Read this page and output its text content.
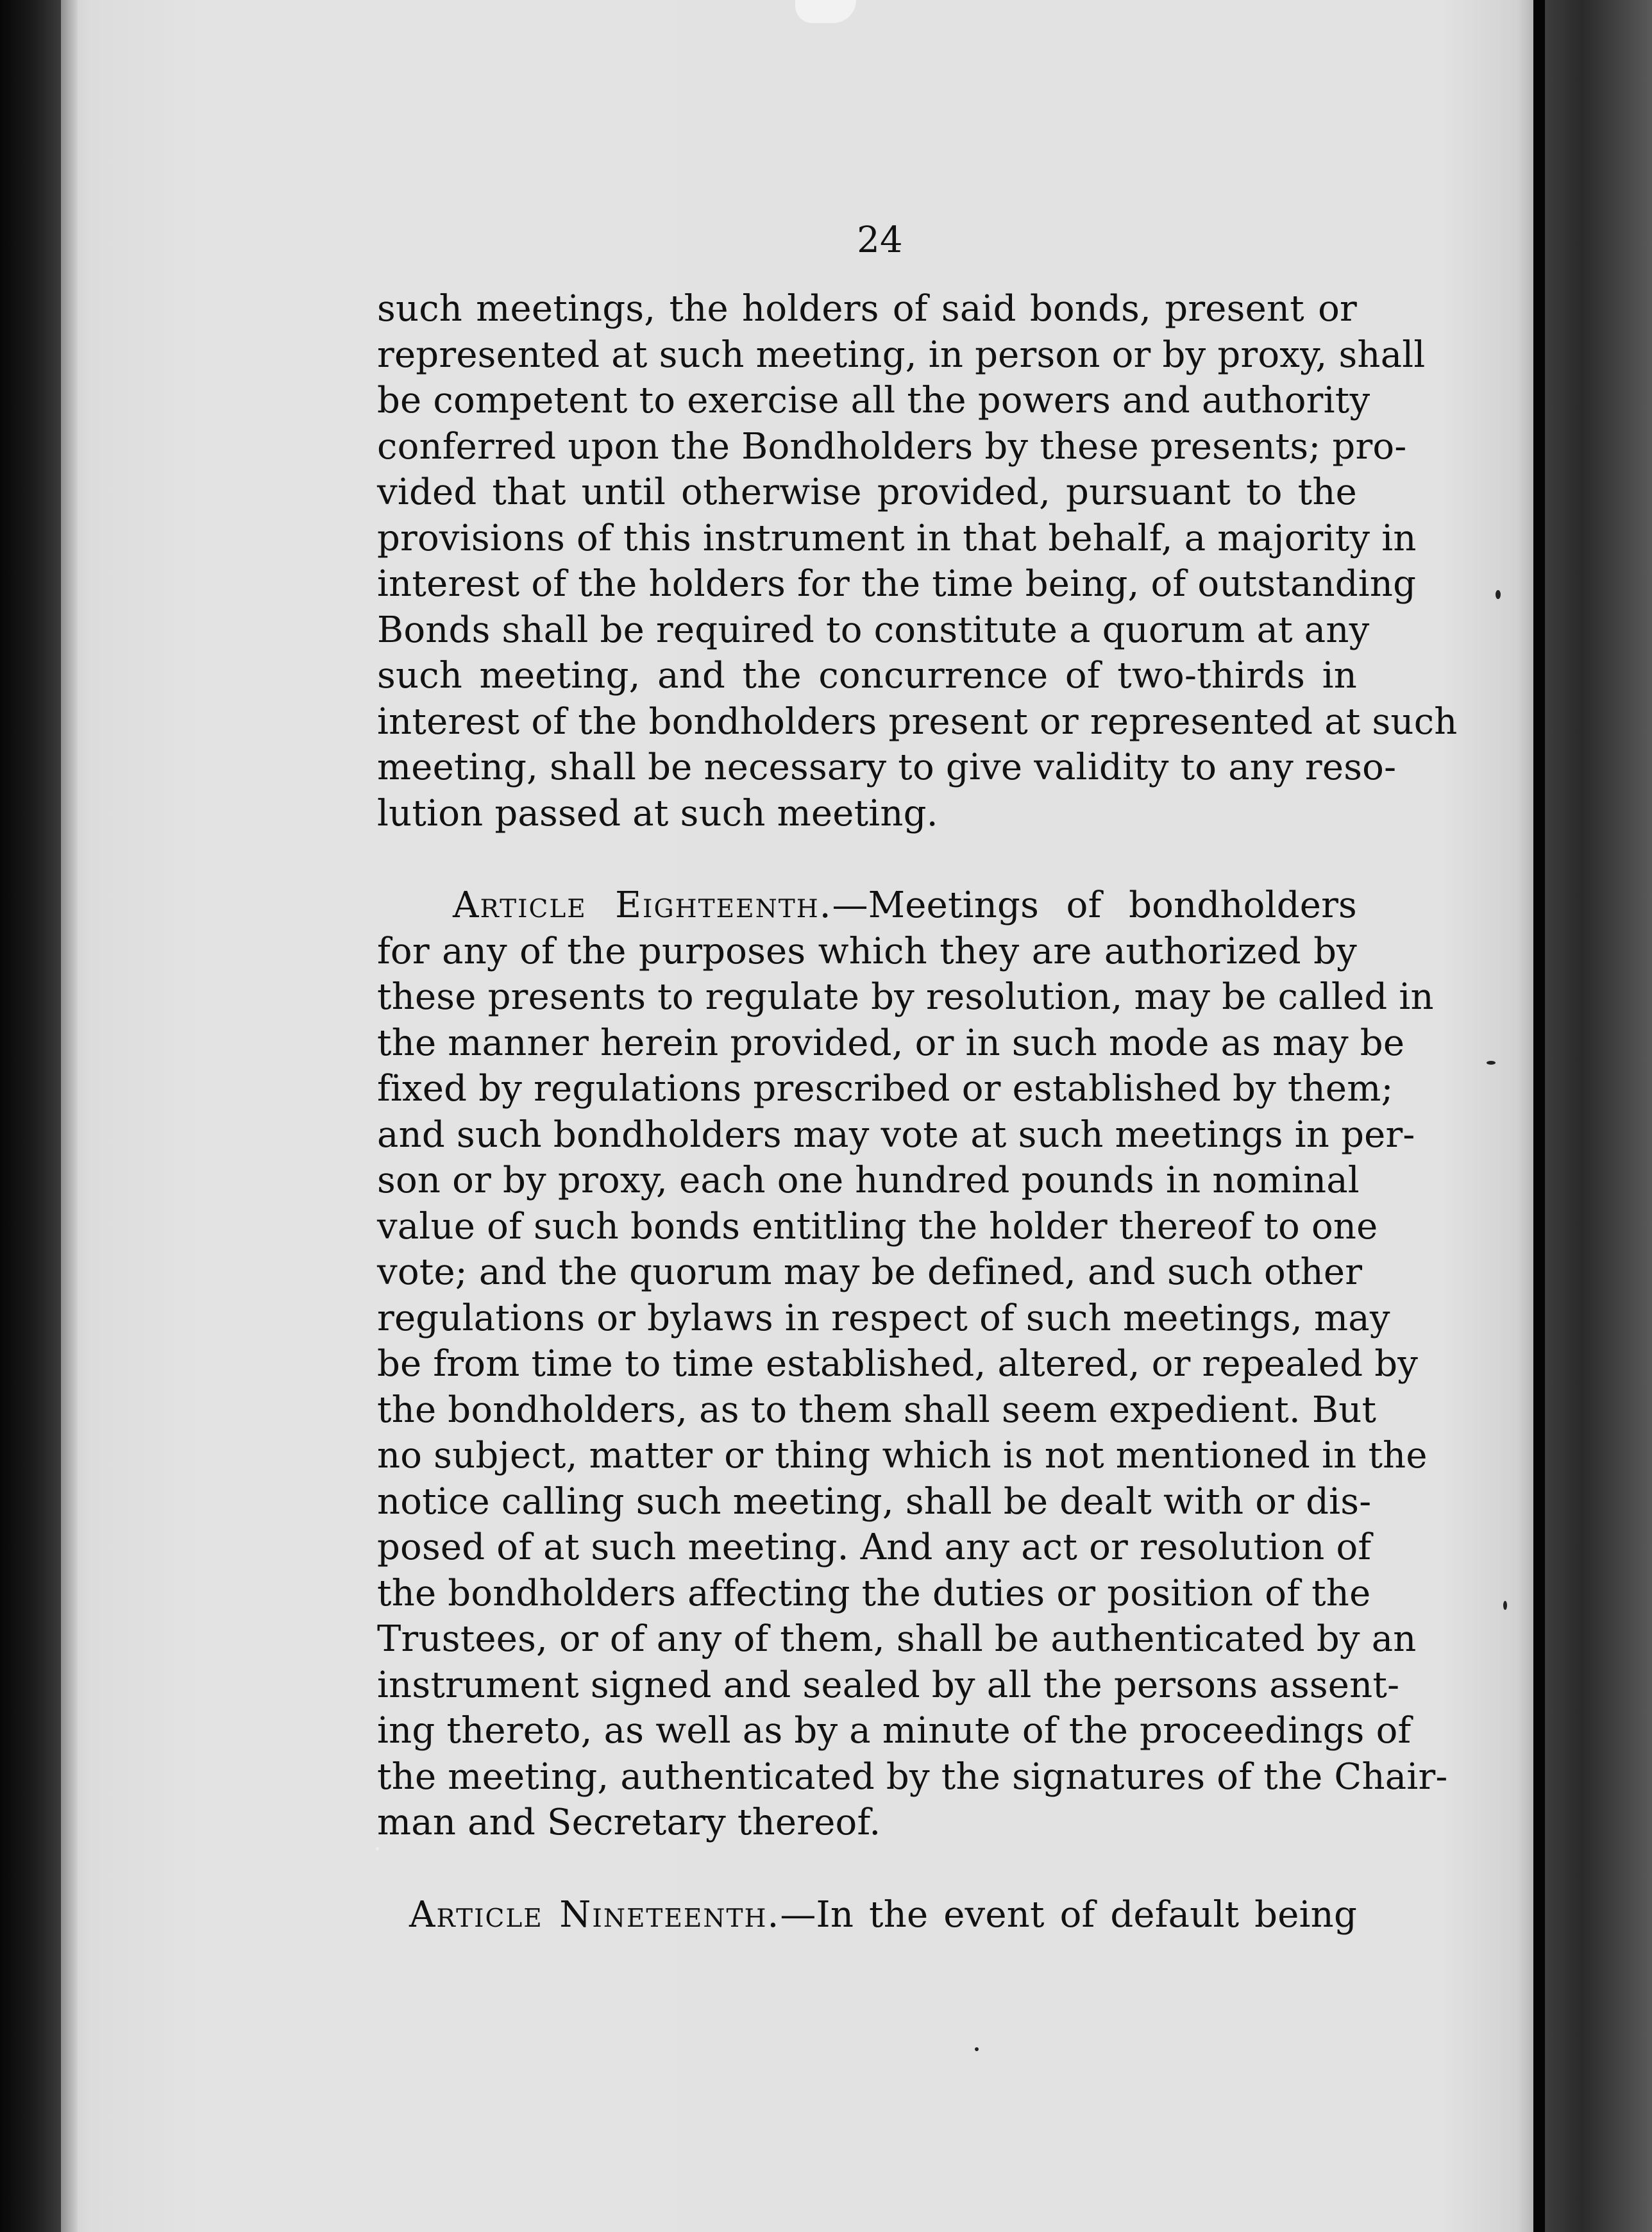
24
such meetings, the holders of said bonds, present or
represented at such meeting, in person or by proxy, shall
be competent to exercise all the powers and authority
conferred upon the Bondholders by these presents; pro-
vided that until otherwise provided, pursuant to the
provisions of this instrument in that behalf, a majority in
interest of the holders for the time being, of outstanding
Bonds shall be required to constitute a quorum at any
such meeting, and the concurrence of two-thirds in
interest of the bondholders present or represented at such
meeting, shall be necessary to give validity to any reso-
lution passed at such meeting.
Article Eighteenth.—Meetings of bondholders
for any of the purposes which they are authorized by
these presents to regulate by resolution, may be called in
the manner herein provided, or in such mode as may be
fixed by regulations prescribed or established by them;
and such bondholders may vote at such meetings in per-
son or by proxy, each one hundred pounds in nominal
value of such bonds entitling the holder thereof to one
vote; and the quorum may be defined, and such other
regulations or bylaws in respect of such meetings, may
be from time to time established, altered, or repealed by
the bondholders, as to them shall seem expedient. But
no subject, matter or thing which is not mentioned in the
notice calling such meeting, shall be dealt with or dis-
posed of at such meeting. And any act or resolution of
the bondholders affecting the duties or position of the
Trustees, or of any of them, shall be authenticated by an
instrument signed and sealed by all the persons assent-
ing thereto, as well as by a minute of the proceedings of
the meeting, authenticated by the signatures of the Chair-
man and Secretary thereof.
Article Nineteenth.—In the event of default being
